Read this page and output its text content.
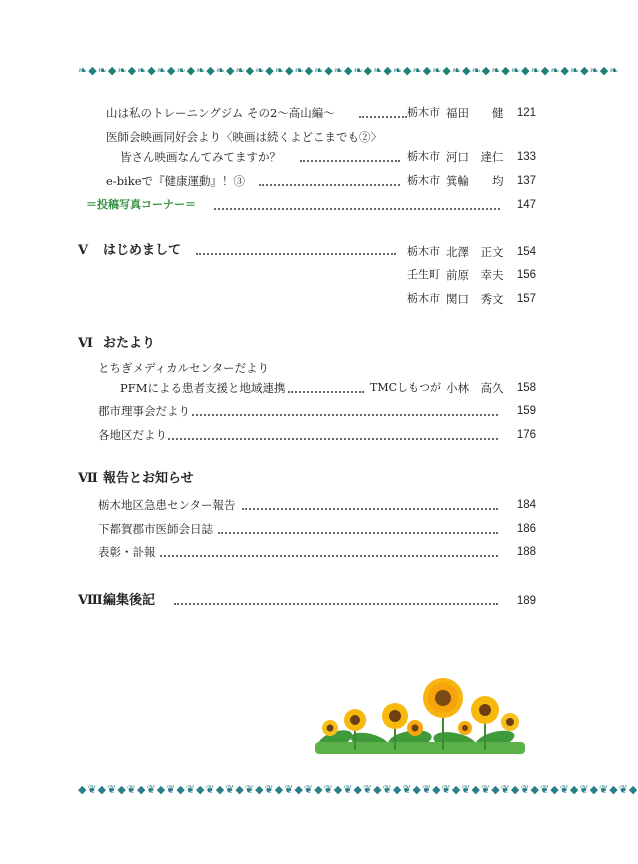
❧◆❧◆❧◆❧◆❧◆❧◆❧◆❧◆❧◆❧◆❧◆❧◆❧◆❧◆❧◆❧◆❧◆❧◆❧◆❧◆❧◆❧◆❧◆❧◆❧◆❧◆❧◆❧
山は私のトレーニングジム その2〜高山編〜	栃木市 福田　　健 121
医師会映画同好会より〈映画は続くよどこまでも②〉
皆さん映画なんてみてますか？	栃木市 河口　達仁 133
e-bikeで『健康運動』！③	栃木市 箕輪　　均 137
＝投稿写真コーナー＝	147
Ⅴ はじめまして	栃木市 北澤　正文 154
壬生町 前原　幸夫 156
栃木市 関口　秀文 157
Ⅵ おたより
とちぎメディカルセンターだより
PFMによる患者支援と地域連携	TMCしもつが 小林　高久 158
郡市理事会だより	159
各地区だより	176
Ⅶ 報告とお知らせ
栃木地区急患センター報告	184
下都賀郡市医師会日誌	186
表彰・訃報	188
Ⅷ 編集後記	189
◆❦◆❦◆❦◆❦◆❦◆❦◆❦◆❦◆❦◆❦◆❦◆❦◆❦◆❦◆❦◆❦◆❦◆❦◆❦◆❦◆❦◆❦◆❦◆❦◆❦◆❦◆❦◆❦◆
